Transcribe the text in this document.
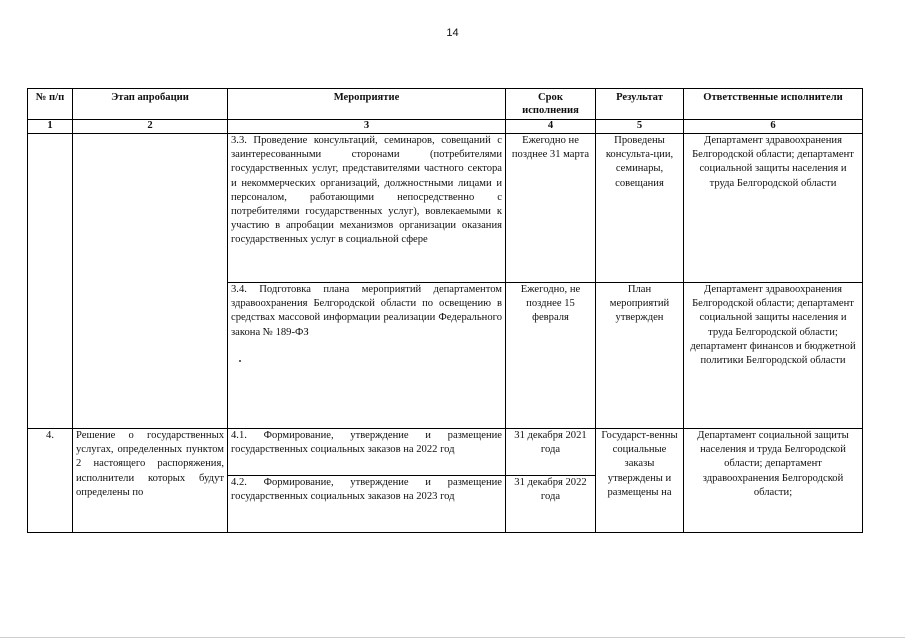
14
№ п/п	Этап апробации	Мероприятие	Срок исполнения	Результат	Ответственные исполнители
1	2	3	4	5	6
		3.3. Проведение консультаций, семинаров, совещаний с заинтересованными сторонами (потребителями государственных услуг, представителями частного сектора и некоммерческих организаций, должностными лицами и персоналом, работающими непосредственно с потребителями государственных услуг), вовлекаемыми к участию в апробации механизмов организации оказания государственных услуг в социальной сфере	Ежегодно не позднее 31 марта	Проведены консульта-ции, семинары, совещания	Департамент здравоохранения Белгородской области; департамент социальной защиты населения и труда Белгородской области
		3.4. Подготовка плана мероприятий департаментом здравоохранения Белгородской области по освещению в средствах массовой информации реализации Федерального закона № 189-ФЗ	Ежегодно, не позднее 15 февраля	План мероприятий утвержден	Департамент здравоохранения Белгородской области; департамент социальной защиты населения и труда Белгородской области; департамент финансов и бюджетной политики Белгородской области
4.	Решение о государственных услугах, определенных пунктом 2 настоящего распоряжения, исполнители которых будут определены по	4.1. Формирование, утверждение и размещение государственных социальных заказов на 2022 год	31 декабря 2021 года	Государст-венны социальные заказы утверждены и размещены на	Департамент социальной защиты населения и труда Белгородской области; департамент здравоохранения Белгородской области;
		4.2. Формирование, утверждение и размещение государственных социальных заказов на 2023 год	31 декабря 2022 года		
